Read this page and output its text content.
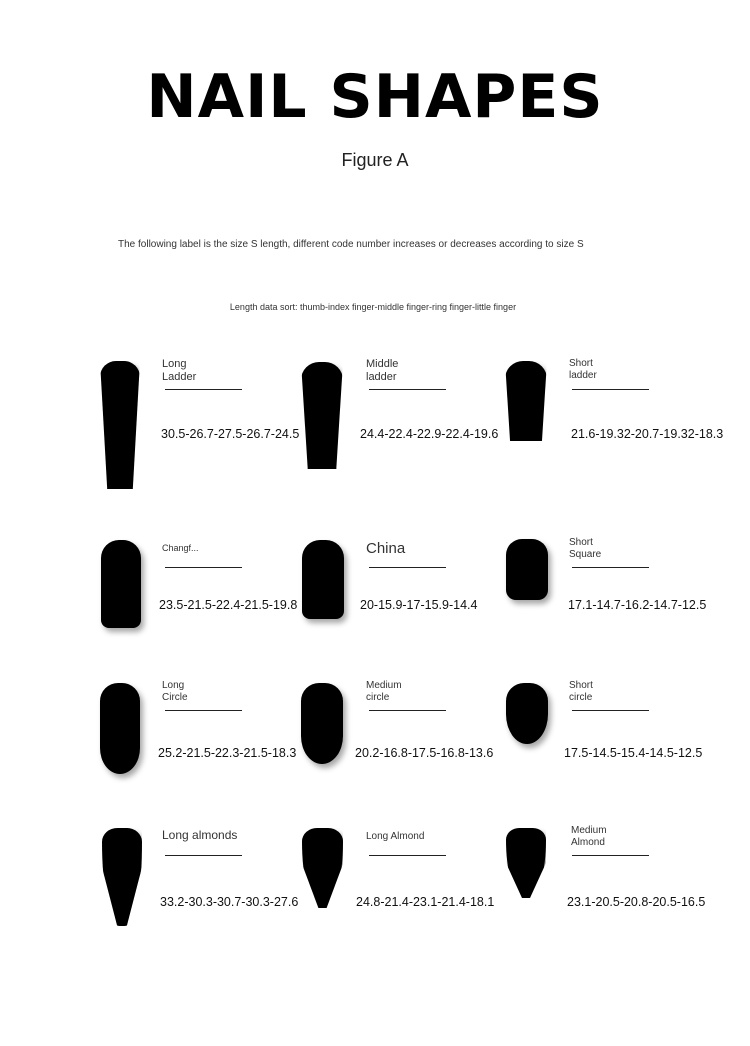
NAIL SHAPES
Figure A
The following label is the size S length, different code number increases or decreases according to size S
Length data sort: thumb-index finger-middle finger-ring finger-little finger
Long
Ladder
30.5-26.7-27.5-26.7-24.5
Middle
ladder
24.4-22.4-22.9-22.4-19.6
Short
ladder
21.6-19.32-20.7-19.32-18.3
Changf...
23.5-21.5-22.4-21.5-19.8
China
20-15.9-17-15.9-14.4
Short
Square
17.1-14.7-16.2-14.7-12.5
Long
Circle
25.2-21.5-22.3-21.5-18.3
Medium
circle
20.2-16.8-17.5-16.8-13.6
Short
circle
17.5-14.5-15.4-14.5-12.5
Long almonds
33.2-30.3-30.7-30.3-27.6
Long Almond
24.8-21.4-23.1-21.4-18.1
Medium
Almond
23.1-20.5-20.8-20.5-16.5
